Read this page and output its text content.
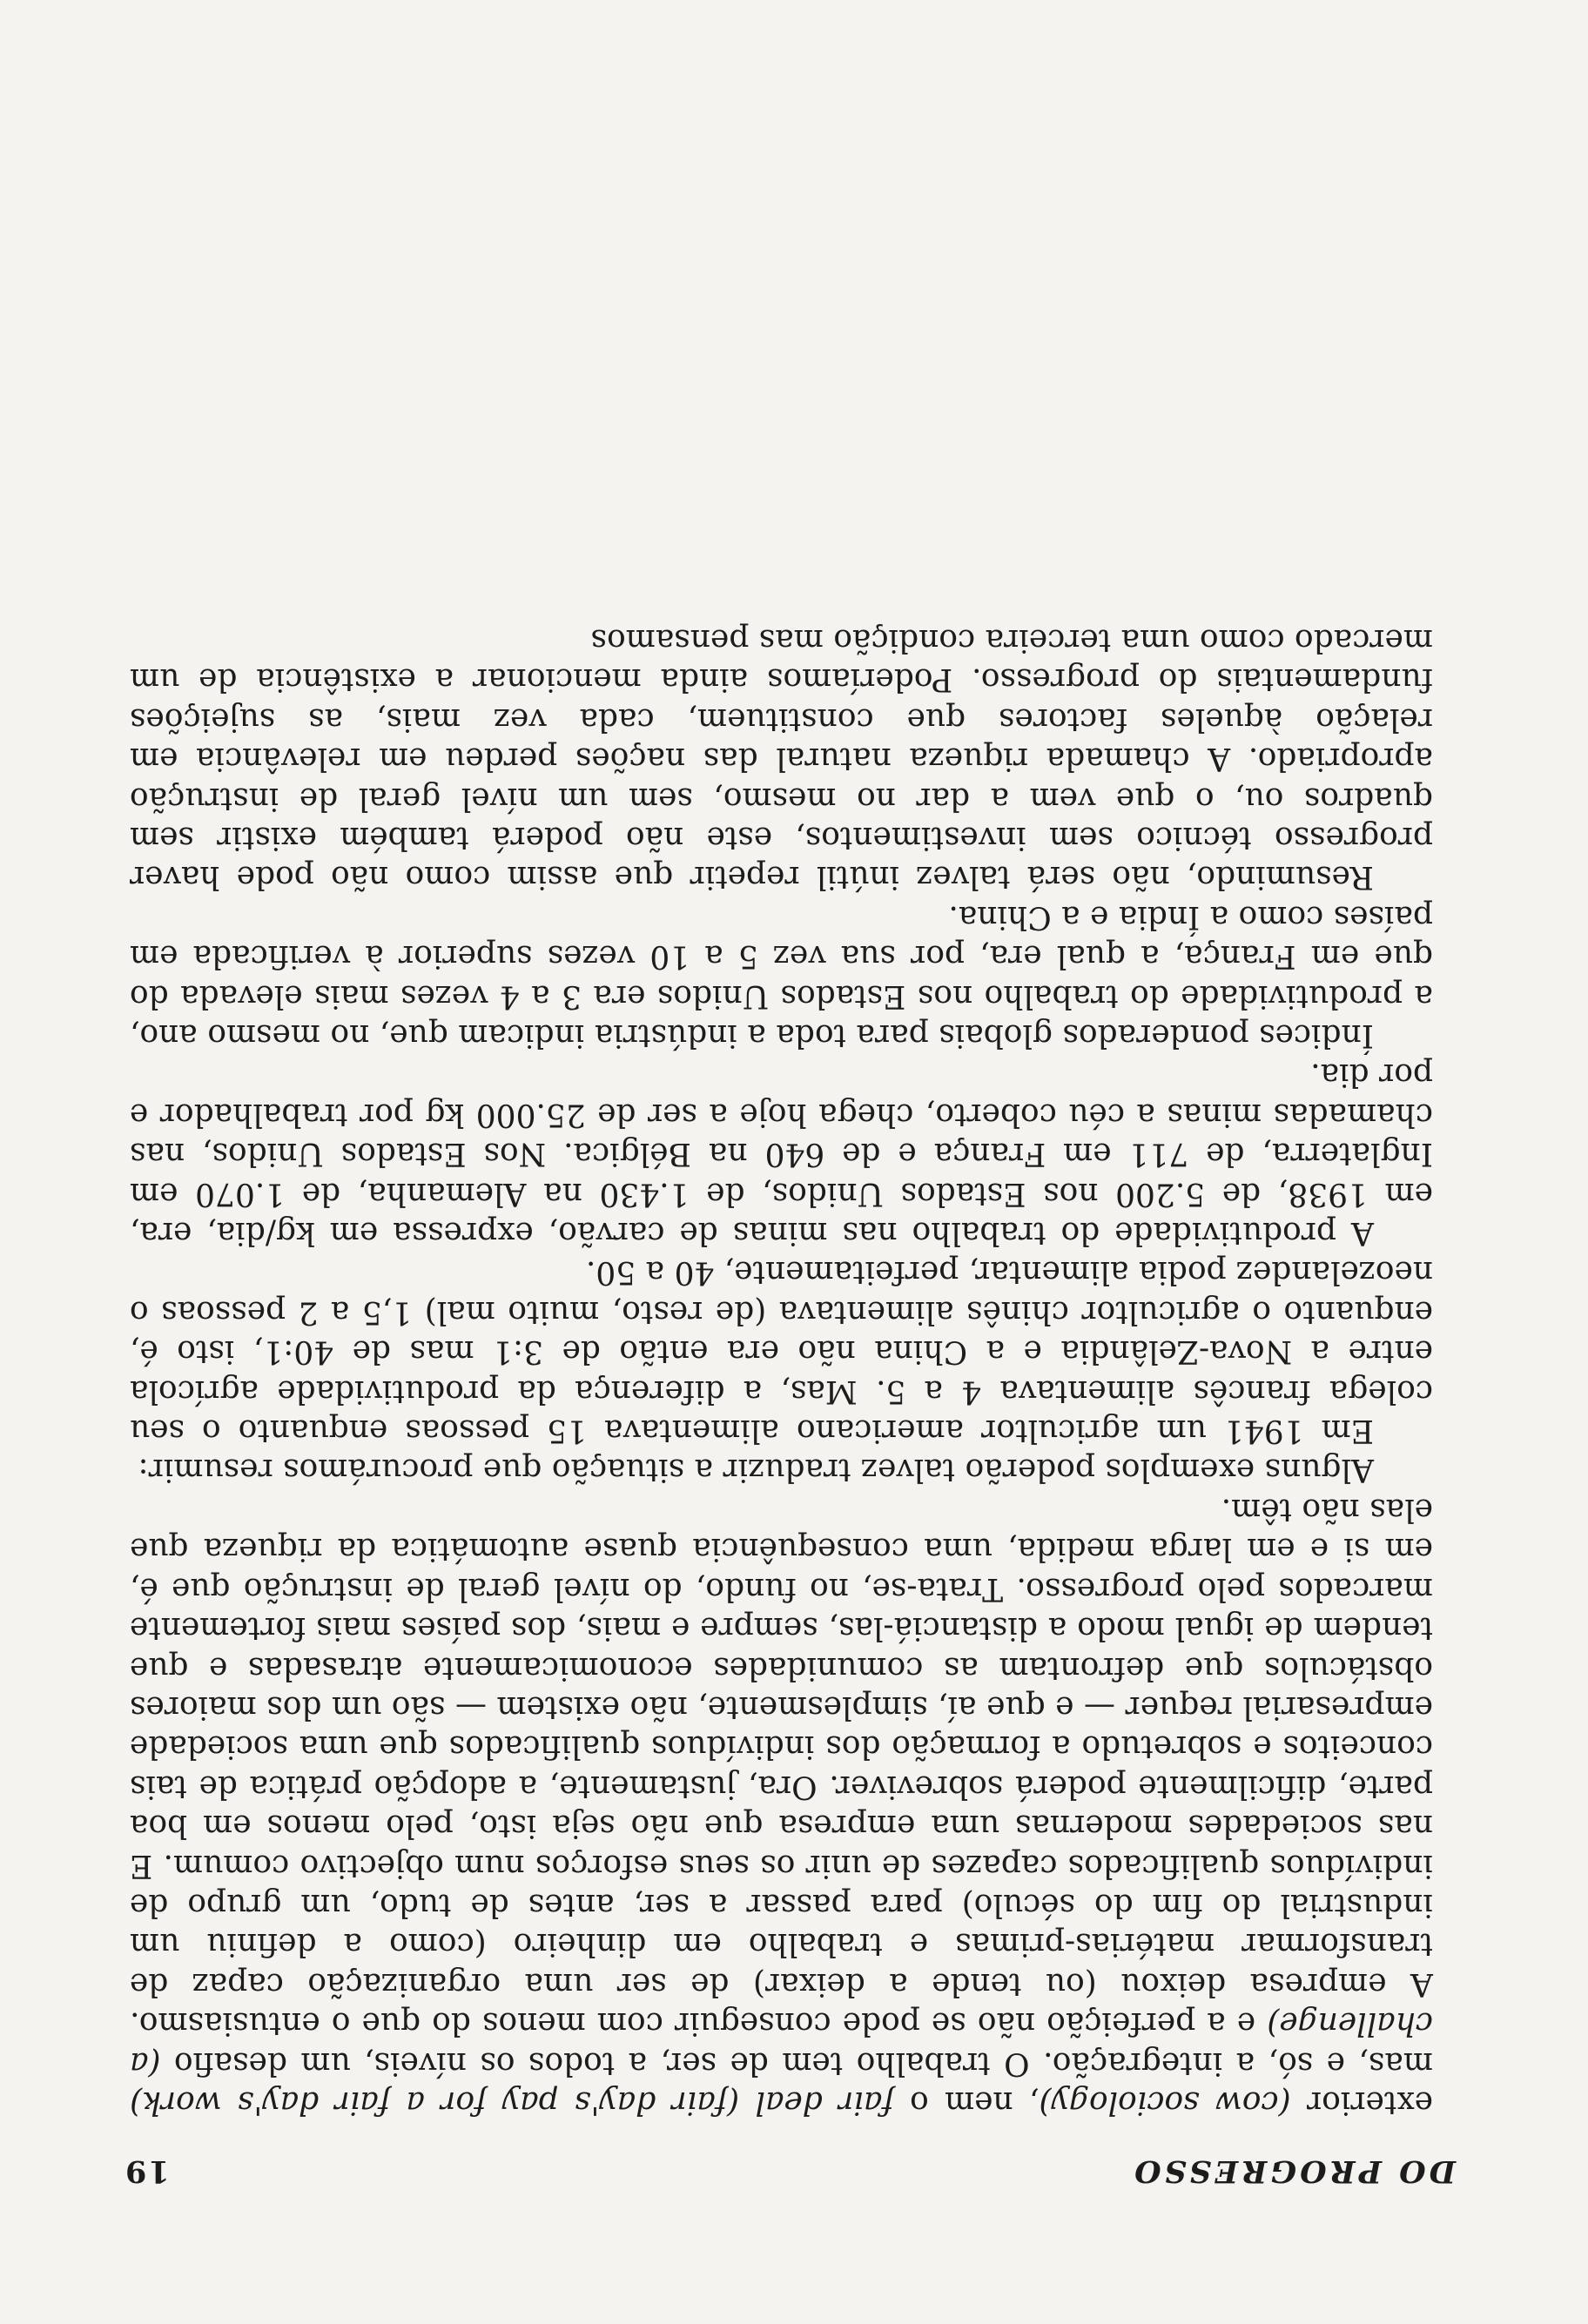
DO PROGRESSO
19

exterior (cow sociology), nem o fair deal (fair day's pay for a fair day's work) mas, e só, a integração. O trabalho tem de ser, a todos os níveis, um desafio (a challenge) e a perfeição não se pode conseguir com menos do que o entusiasmo. A empresa deixou (ou tende a deixar) de ser uma organização capaz de transformar matérias-primas e trabalho em dinheiro (como a definiu um industrial do fim do século) para passar a ser, antes de tudo, um grupo de indivíduos qualificados capazes de unir os seus esforços num objectivo comum. E nas sociedades modernas uma empresa que não seja isto, pelo menos em boa parte, dificilmente poderá sobreviver. Ora, justamente, a adopção prática de tais conceitos e sobretudo a formação dos indivíduos qualificados que uma sociedade empresarial requer — e que aí, simplesmente, não existem — são um dos maiores obstáculos que defrontam as comunidades economicamente atrasadas e que tendem de igual modo a distanciá-las, sempre e mais, dos países mais fortemente marcados pelo progresso. Trata-se, no fundo, do nível geral de instrução que é, em si e em larga medida, uma consequência quase automática da riqueza que elas não têm.

Alguns exemplos poderão talvez traduzir a situação que procurámos resumir:

Em 1941 um agricultor americano alimentava 15 pessoas enquanto o seu colega francês alimentava 4 a 5. Mas, a diferença da produtividade agrícola entre a Nova-Zelândia e a China não era então de 3:1 mas de 40:1, isto é, enquanto o agricultor chinês alimentava (de resto, muito mal) 1,5 a 2 pessoas o neozelandez podia alimentar, perfeitamente, 40 a 50.

A produtividade do trabalho nas minas de carvão, expressa em kg/dia, era, em 1938, de 5.200 nos Estados Unidos, de 1.430 na Alemanha, de 1.070 em Inglaterra, de 711 em França e de 640 na Bélgica. Nos Estados Unidos, nas chamadas minas a céu coberto, chega hoje a ser de 25.000 kg por trabalhador e por dia.

Índices ponderados globais para toda a indústria indicam que, no mesmo ano, a produtividade do trabalho nos Estados Unidos era 3 a 4 vezes mais elevada do que em França, a qual era, por sua vez 5 a 10 vezes superior à verificada em países como a Índia e a China.

Resumindo, não será talvez inútil repetir que assim como não pode haver progresso técnico sem investimentos, este não poderá também existir sem quadros ou, o que vem a dar no mesmo, sem um nível geral de instrução apropriado. A chamada riqueza natural das nações perdeu em relevância em relação àqueles factores que constituem, cada vez mais, as sujeições fundamentais do progresso. Poderíamos ainda mencionar a existência de um mercado como uma terceira condição mas pensamos
